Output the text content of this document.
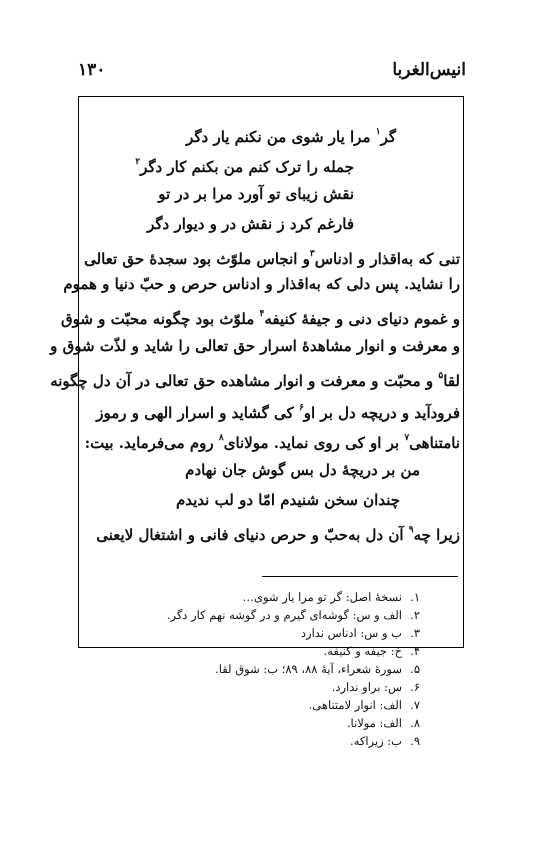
انیس‌الغربا
۱۳۰
گر$^۱$ مرا یار شوی من نکنم یار دگر
جمله را ترک کنم من بکنم کار دگر$^۲$
نقش زیبای تو آورد مرا بر در تو
فارغم کرد ز نقش در و دیوار دگر
تنی که به‌اقذار و ادناس$^۳$و انجاس ملوّث بود سجدهٔ حق تعالی
را نشاید. پس دلی که به‌اقذار و ادناس حرص و حبّ دنیا و هموم
و غموم دنیای دنی و جیفهٔ کنیفه$^۴$ ملوّث بود چگونه محبّت و شوق
و معرفت و انوار مشاهدهٔ اسرار حق تعالی را شاید و لذّت شوق و
لقا$^۵$ و محبّت و معرفت و انوار مشاهده حق تعالی در آن دل چگونه
فرودآید و دریچه دل بر او$^۶$ کی گشاید و اسرار الهی و رموز
نامتناهی$^۷$ بر او کی روی نماید. مولانای$^۸$ روم می‌فرماید. بیت:
من بر دریچهٔ دل بس گوش جان نهادم
چندان سخن شنیدم امّا دو لب ندیدم
زیرا چه$^۹$ آن دل به‌حبّ و حرص دنیای فانی و اشتغال لایعنی
۱.نسخهٔ اصل: گر تو مرا یار شوی…
۲.الف و س: گوشه‌ای گیرم و در گوشه نهم کار دگر.
۳.ب و س: ادناس ندارد
۴.خ: جیفه و کنیفه.
۵.سورهٔ شعراء، آیهٔ ۸۸، ۸۹؛ ب: شوق لقا.
۶.س: براو ندارد.
۷.الف: انوار لامتناهی.
۸.الف: مولانا.
۹.ب: زیراکه.
